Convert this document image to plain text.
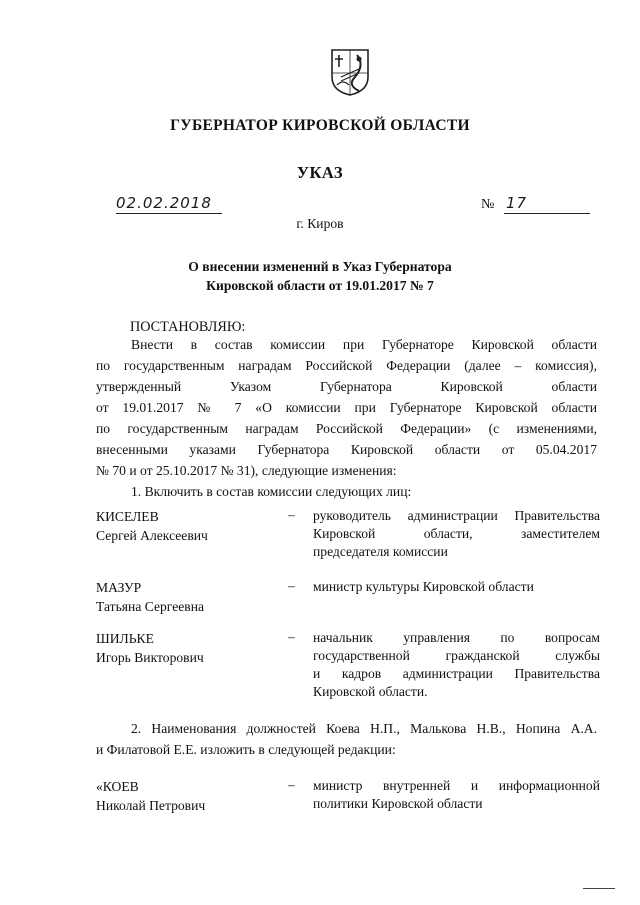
ГУБЕРНАТОР КИРОВСКОЙ ОБЛАСТИ
УКАЗ
02.02.2018	№ 17
г. Киров
О внесении изменений в Указ Губернатора
Кировской области от 19.01.2017 № 7
ПОСТАНОВЛЯЮ:
Внести в состав комиссии при Губернаторе Кировской области
по государственным наградам Российской Федерации (далее – комиссия),
утвержденный Указом Губернатора Кировской области
от 19.01.2017 № 7 «О комиссии при Губернаторе Кировской области
по государственным наградам Российской Федерации» (с изменениями,
внесенными указами Губернатора Кировской области от 05.04.2017
№ 70 и от 25.10.2017 № 31), следующие изменения:
1. Включить в состав комиссии следующих лиц:
КИСЕЛЕВ
Сергей Алексеевич
– руководитель администрации Правительства
Кировской области, заместителем
председателя комиссии
МАЗУР
Татьяна Сергеевна
– министр культуры Кировской области
ШИЛЬКЕ
Игорь Викторович
– начальник управления по вопросам
государственной гражданской службы
и кадров администрации Правительства
Кировской области.
2. Наименования должностей Коева Н.П., Малькова Н.В., Нопина А.А.
и Филатовой Е.Е. изложить в следующей редакции:
«КОЕВ
Николай Петрович
– министр внутренней и информационной
политики Кировской области
